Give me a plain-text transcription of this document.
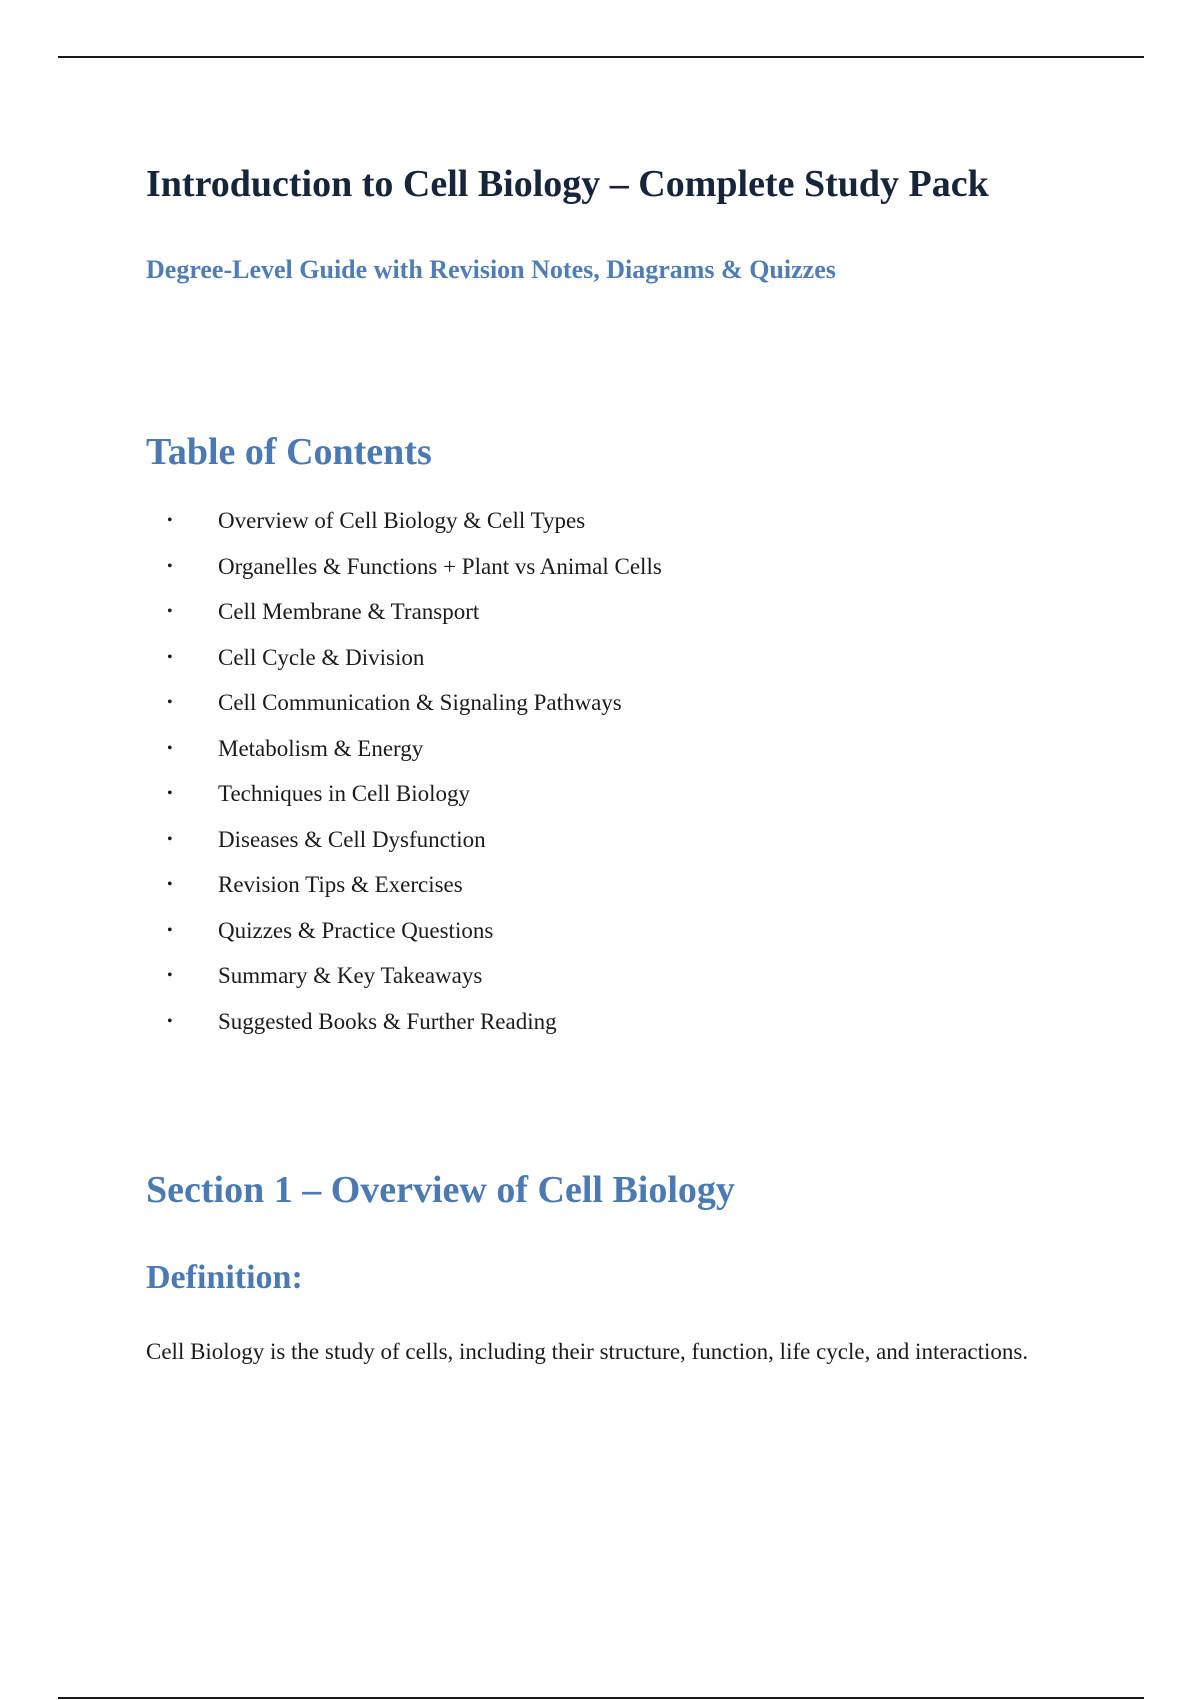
Introduction to Cell Biology – Complete Study Pack
Degree-Level Guide with Revision Notes, Diagrams & Quizzes
Table of Contents
• Overview of Cell Biology & Cell Types
• Organelles & Functions + Plant vs Animal Cells
• Cell Membrane & Transport
• Cell Cycle & Division
• Cell Communication & Signaling Pathways
• Metabolism & Energy
• Techniques in Cell Biology
• Diseases & Cell Dysfunction
• Revision Tips & Exercises
• Quizzes & Practice Questions
• Summary & Key Takeaways
• Suggested Books & Further Reading
Section 1 – Overview of Cell Biology
Definition:

Cell Biology is the study of cells, including their structure, function, life cycle, and interactions.
